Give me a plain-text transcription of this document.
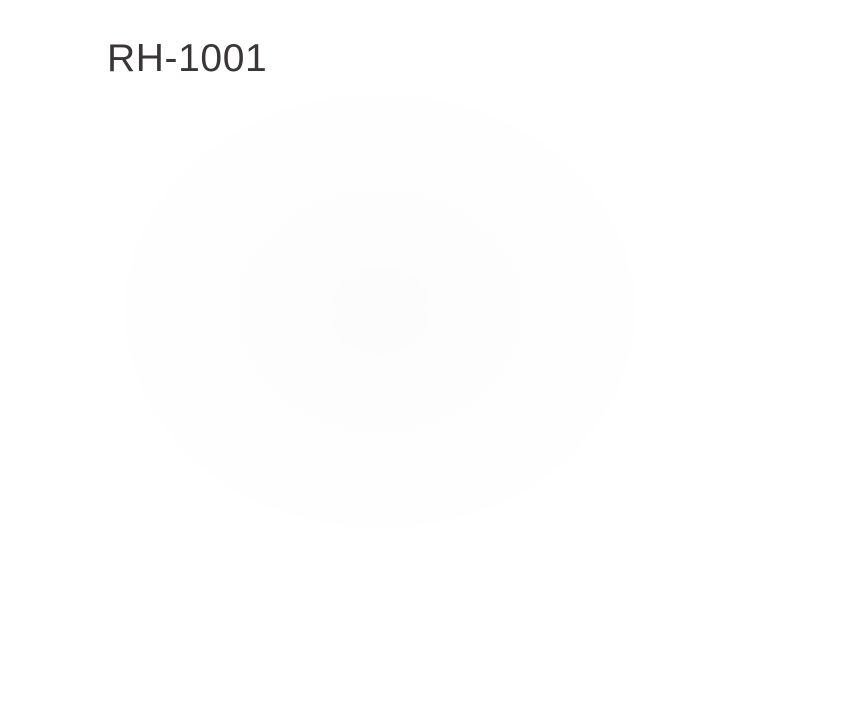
RH-1001
